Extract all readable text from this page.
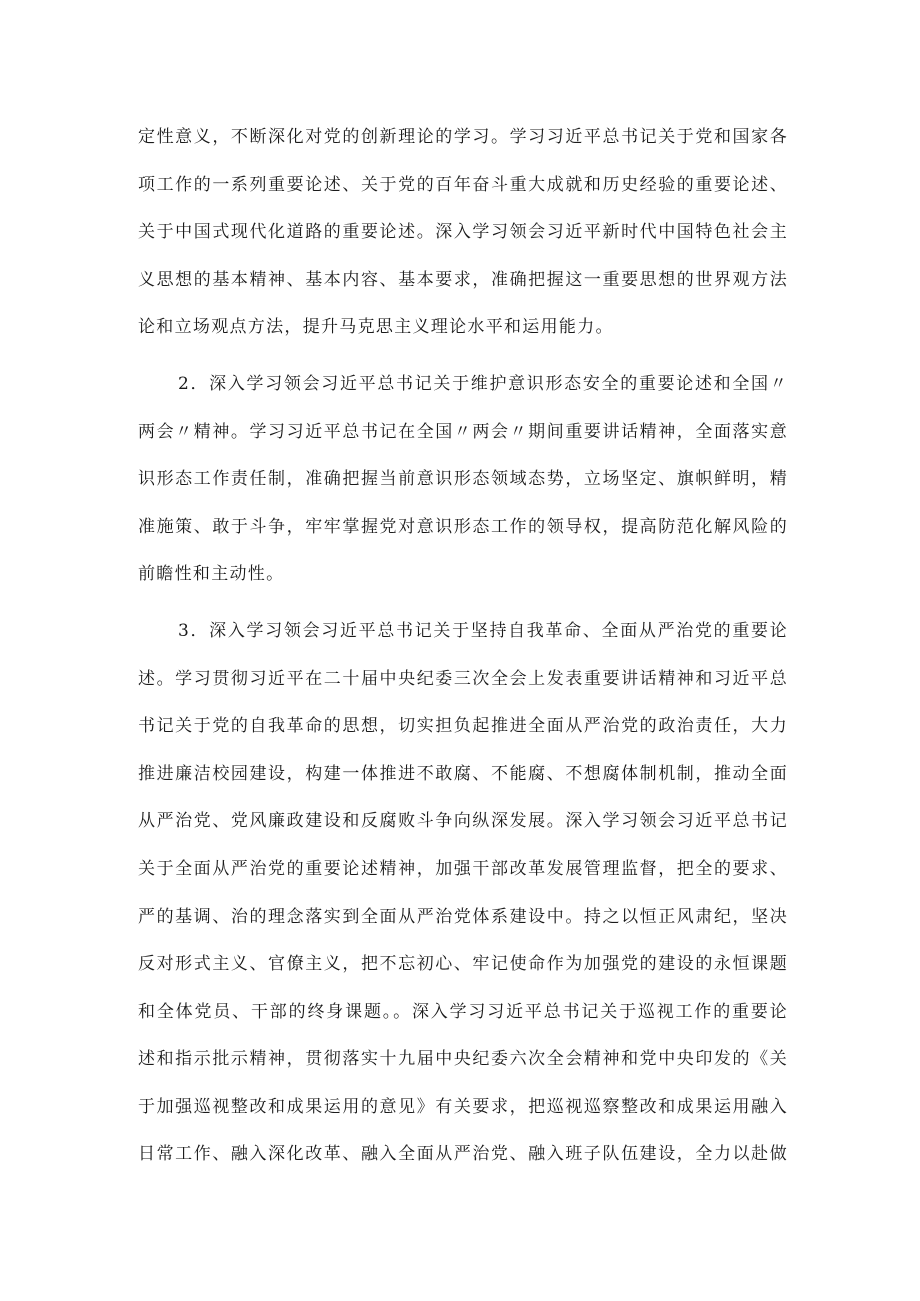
定性意义，不断深化对党的创新理论的学习。学习习近平总书记关于党和国家各
项工作的一系列重要论述、关于党的百年奋斗重大成就和历史经验的重要论述、
关于中国式现代化道路的重要论述。深入学习领会习近平新时代中国特色社会主
义思想的基本精神、基本内容、基本要求，准确把握这一重要思想的世界观方法
论和立场观点方法，提升马克思主义理论水平和运用能力。
2．深入学习领会习近平总书记关于维护意识形态安全的重要论述和全国〃
两会〃精神。学习习近平总书记在全国〃两会〃期间重要讲话精神，全面落实意
识形态工作责任制，准确把握当前意识形态领域态势，立场坚定、旗帜鲜明，精
准施策、敢于斗争，牢牢掌握党对意识形态工作的领导权，提高防范化解风险的
前瞻性和主动性。
3．深入学习领会习近平总书记关于坚持自我革命、全面从严治党的重要论
述。学习贯彻习近平在二十届中央纪委三次全会上发表重要讲话精神和习近平总
书记关于党的自我革命的思想，切实担负起推进全面从严治党的政治责任，大力
推进廉洁校园建设，构建一体推进不敢腐、不能腐、不想腐体制机制，推动全面
从严治党、党风廉政建设和反腐败斗争向纵深发展。深入学习领会习近平总书记
关于全面从严治党的重要论述精神，加强干部改革发展管理监督，把全的要求、
严的基调、治的理念落实到全面从严治党体系建设中。持之以恒正风肃纪，坚决
反对形式主义、官僚主义，把不忘初心、牢记使命作为加强党的建设的永恒课题
和全体党员、干部的终身课题。。深入学习习近平总书记关于巡视工作的重要论
述和指示批示精神，贯彻落实十九届中央纪委六次全会精神和党中央印发的《关
于加强巡视整改和成果运用的意见》有关要求，把巡视巡察整改和成果运用融入
日常工作、融入深化改革、融入全面从严治党、融入班子队伍建设，全力以赴做
